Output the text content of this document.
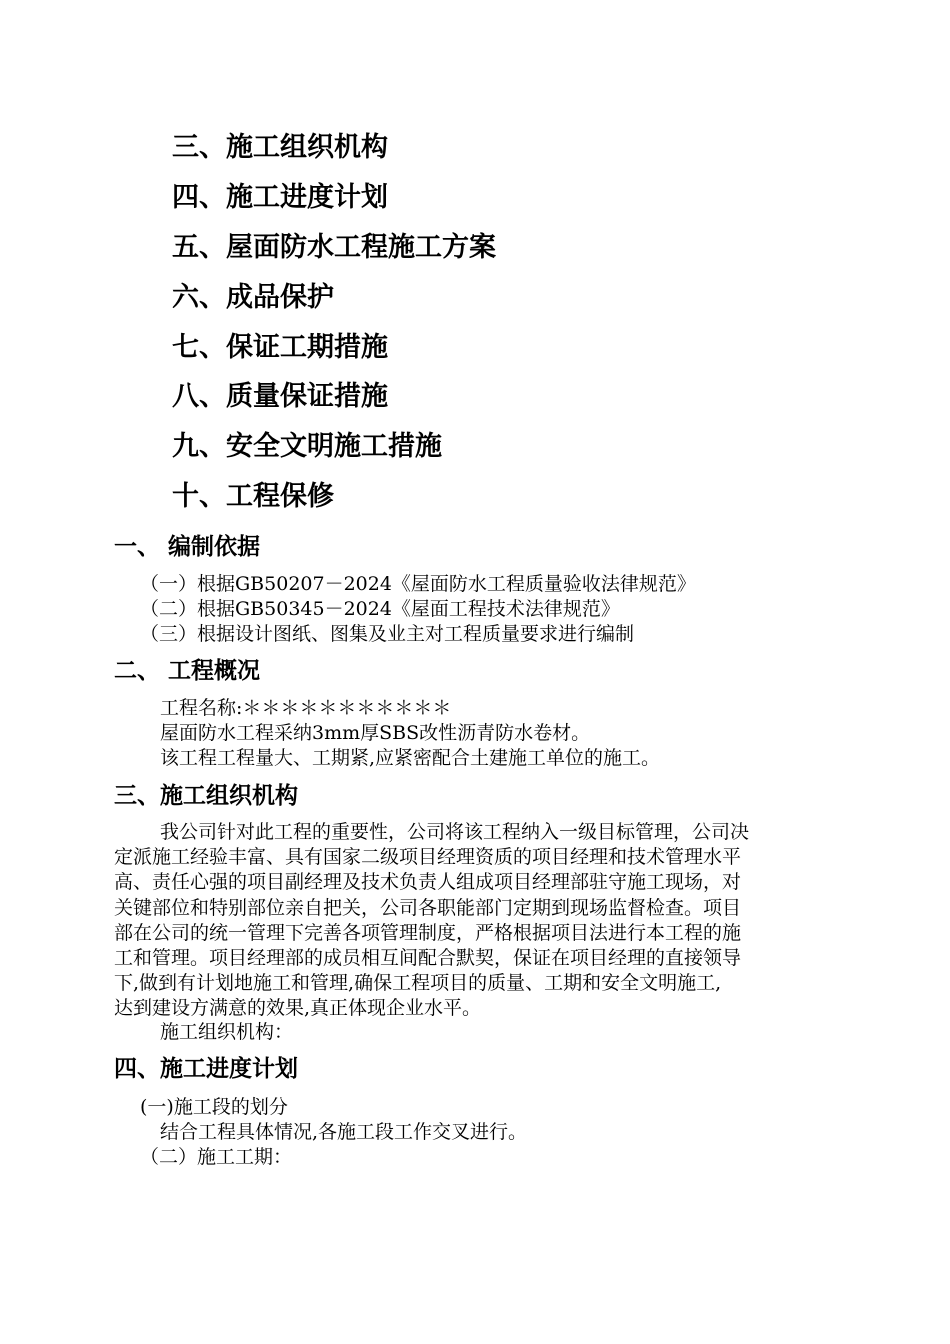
三、施工组织机构
四、施工进度计划
五、屋面防水工程施工方案
六、成品保护
七、保证工期措施
八、质量保证措施
九、安全文明施工措施
十、工程保修
一、 编制依据
（一）根据GB50207－2024《屋面防水工程质量验收法律规范》
（二）根据GB50345－2024《屋面工程技术法律规范》
（三）根据设计图纸、图集及业主对工程质量要求进行编制
二、 工程概况
工程名称:＊＊＊＊＊＊＊＊＊＊＊
屋面防水工程采纳3mm厚SBS改性沥青防水卷材。
该工程工程量大、工期紧,应紧密配合土建施工单位的施工。
三、施工组织机构

我公司针对此工程的重要性，公司将该工程纳入一级目标管理，公司决

定派施工经验丰富、具有国家二级项目经理资质的项目经理和技术管理水平

高、责任心强的项目副经理及技术负责人组成项目经理部驻守施工现场，对

关键部位和特别部位亲自把关，公司各职能部门定期到现场监督检查。项目

部在公司的统一管理下完善各项管理制度，严格根据项目法进行本工程的施

工和管理。项目经理部的成员相互间配合默契，保证在项目经理的直接领导

下,做到有计划地施工和管理,确保工程项目的质量、工期和安全文明施工,

达到建设方满意的效果,真正体现企业水平。

施工组织机构：
四、施工进度计划
(一)施工段的划分
结合工程具体情况,各施工段工作交叉进行。
（二）施工工期：
